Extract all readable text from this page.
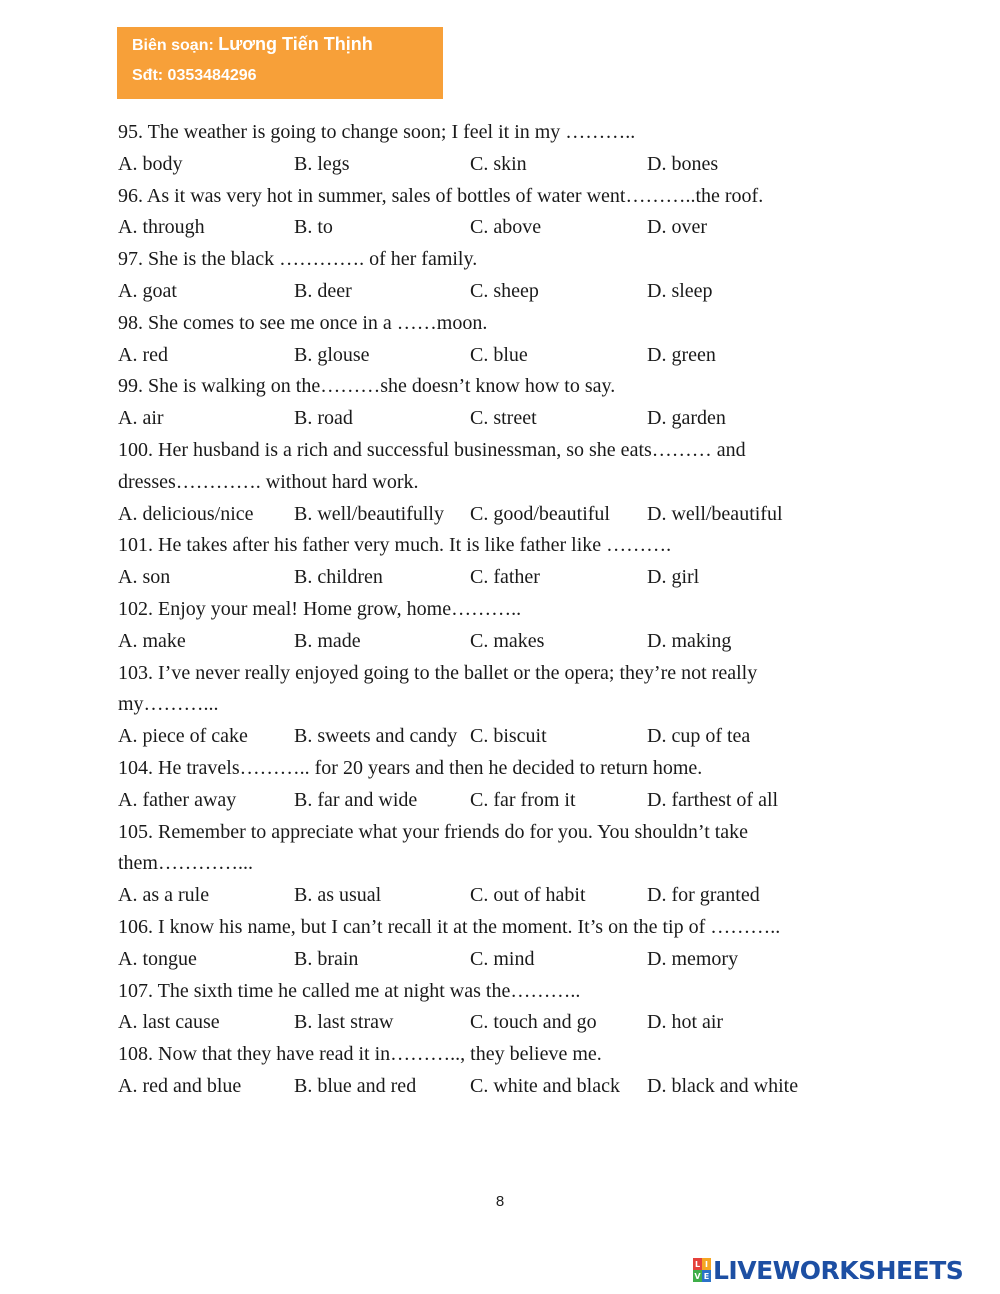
Biên soạn: Lương Tiến Thịnh
Sđt: 0353484296
95. The weather is going to change soon; I feel it in my ………..
A. body	B. legs	C. skin	D. bones
96. As it was very hot in summer, sales of bottles of water went………..the roof.
A. through	B. to	C. above	D. over
97. She is the black …………. of her family.
A. goat	B. deer	C. sheep	D. sleep
98. She comes to see me once in a ……moon.
A. red	B. glouse	C. blue	D. green
99. She is walking on the………she doesn’t know how to say.
A. air	B. road	C. street	D. garden
100. Her husband is a rich and successful businessman, so she eats……… and
dresses…………. without hard work.
A. delicious/nice B. well/beautifully C. good/beautiful D. well/beautiful
101. He takes after his father very much. It is like father like ……….
A. son	B. children	C. father	D. girl
102. Enjoy your meal! Home grow, home………..
A. make	B. made	C. makes	D. making
103. I’ve never really enjoyed going to the ballet or the opera; they’re not really
my………...
A. piece of cake B. sweets and candy C. biscuit	D. cup of tea
104. He travels……….. for 20 years and then he decided to return home.
A. father away	B. far and wide	C. far from it	D. farthest of all
105. Remember to appreciate what your friends do for you. You shouldn’t take
them…………...
A. as a rule	B. as usual	C. out of habit	D. for granted
106. I know his name, but I can’t recall it at the moment. It’s on the tip of ………..
A. tongue	B. brain	C. mind	D. memory
107. The sixth time he called me at night was the………..
A. last cause	B. last straw	C. touch and go	D. hot air
108. Now that they have read it in……….., they believe me.
A. red and blue	B. blue and red	C. white and black D. black and white
8
L I
V E LIVEWORKSHEETS
